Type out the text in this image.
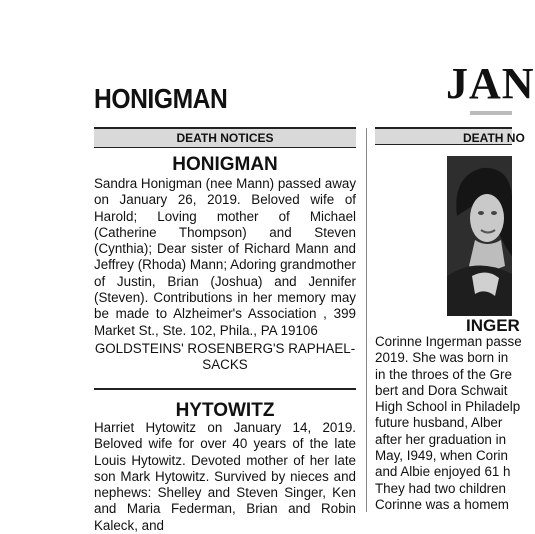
HONIGMAN	JAN
DEATH NOTICES	DEATH NO
HONIGMAN
Sandra Honigman (nee Mann) passed away on January 26, 2019. Beloved wife of Harold; Loving mother of Michael (Catherine Thompson) and Steven (Cynthia); Dear sister of Richard Mann and Jeffrey (Rhoda) Mann; Adoring grandmother of Justin, Brian (Joshua) and Jennifer (Steven). Contributions in her memory may be made to Alzheimer's Association , 399 Market St., Ste. 102, Phila., PA 19106
GOLDSTEINS' ROSENBERG'S RAPHAEL-SACKS
HYTOWITZ
Harriet Hytowitz on January 14, 2019. Beloved wife for over 40 years of the late Louis Hytowitz. Devoted mother of her late son Mark Hytowitz. Survived by nieces and nephews: Shelley and Steven Singer, Ken and Maria Federman, Brian and Robin Kaleck, and
INGER
Corinne Ingerman passe
2019. She was born in
in the throes of the Gre
bert and Dora Schwait
High School in Philadelp
future husband, Alber
after her graduation in
May, I949, when Corin
and Albie enjoyed 61 h
They had two children
Corinne was a homem
